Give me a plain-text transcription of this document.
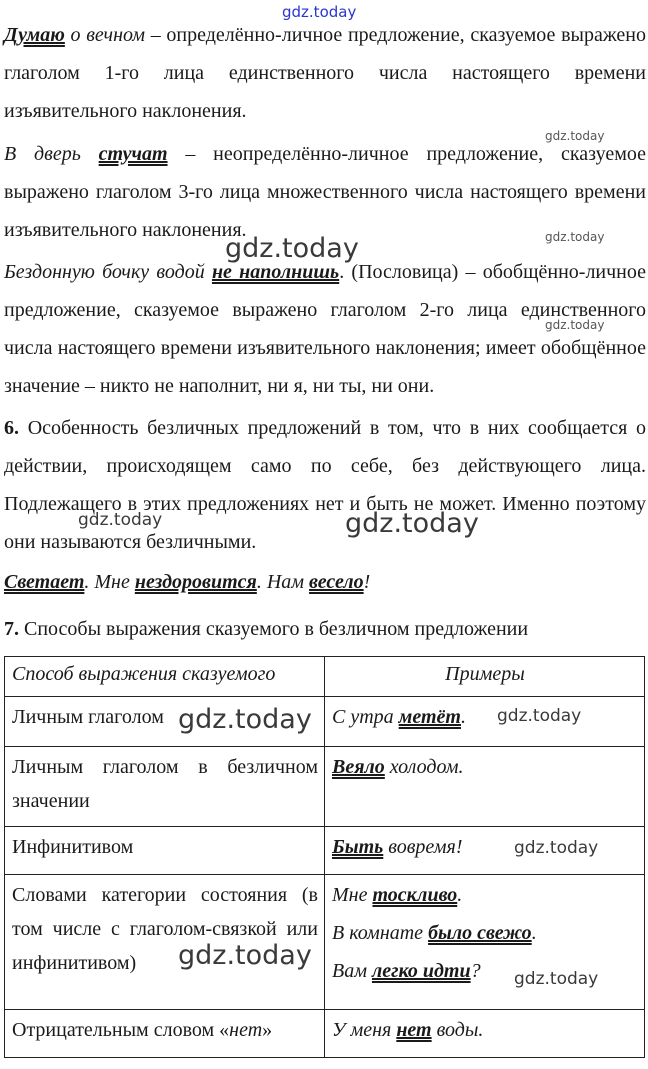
gdz.today

Думаю о вечном – определённо-личное предложение, сказуемое выражено глаголом 1-го лица единственного числа настоящего времени изъявительного наклонения.

В дверь стучат – неопределённо-личное предложение, сказуемое выражено глаголом 3-го лица множественного числа настоящего времени изъявительного наклонения.

Бездонную бочку водой не наполнишь. (Пословица) – обобщённо-личное предложение, сказуемое выражено глаголом 2-го лица единственного числа настоящего времени изъявительного наклонения; имеет обобщённое значение – никто не наполнит, ни я, ни ты, ни они.

6. Особенность безличных предложений в том, что в них сообщается о действии, происходящем само по себе, без действующего лица. Подлежащего в этих предложениях нет и быть не может. Именно поэтому они называются безличными.

Светает. Мне нездоровится. Нам весело!

7. Способы выражения сказуемого в безличном предложении

Способ выражения сказуемого	Примеры
Личным глаголом	С утра метёт.
Личным глаголом в безличном значении	Веяло холодом.
Инфинитивом	Быть вовремя!
Словами категории состояния (в том числе с глаголом-связкой или инфинитивом)	Мне тоскливо.
В комнате было свежо.
Вам легко идти?

Отрицательным словом «нет»	У меня нет воды.
gdz.today
gdz.today
gdz.today
gdz.today
gdz.today	gdz.today
gdz.today	gdz.today
gdz.today
gdz.today
gdz.today
